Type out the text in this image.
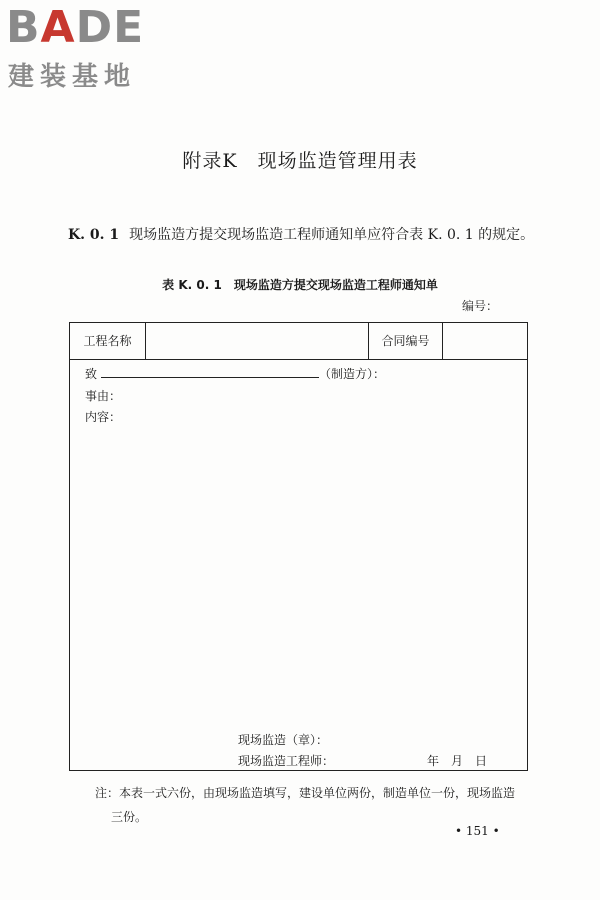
BADE
建装基地
附录K　现场监造管理用表
K. 0. 1 现场监造方提交现场监造工程师通知单应符合表 K. 0. 1 的规定。
表 K. 0. 1　现场监造方提交现场监造工程师通知单
编号：
工程名称	合同编号
致	（制造方）：
事由：
内容：
现场监造（章）：
现场监造工程师：	年　月　日
注：本表一式六份，由现场监造填写，建设单位两份，制造单位一份，现场监造
三份。
• 151 •
